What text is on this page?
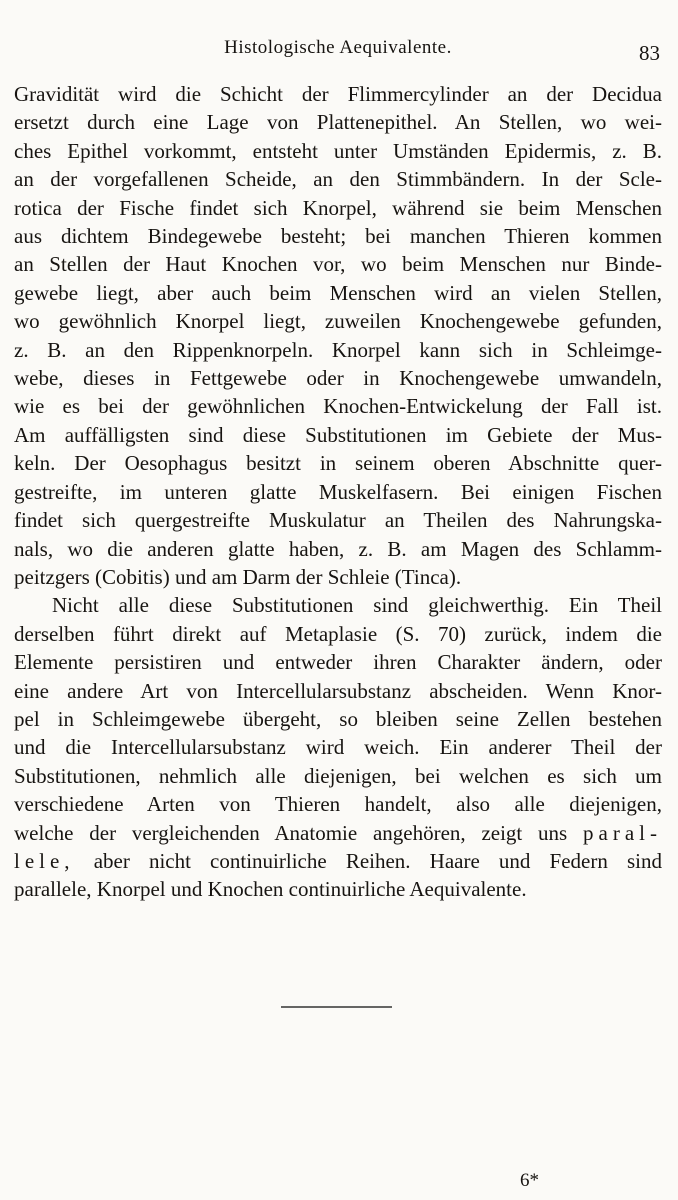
Histologische Aequivalente.	83
Gravidität wird die Schicht der Flimmercylinder an der Decidua
ersetzt durch eine Lage von Plattenepithel. An Stellen, wo wei-
ches Epithel vorkommt, entsteht unter Umständen Epidermis, z. B.
an der vorgefallenen Scheide, an den Stimmbändern. In der Scle-
rotica der Fische findet sich Knorpel, während sie beim Menschen
aus dichtem Bindegewebe besteht; bei manchen Thieren kommen
an Stellen der Haut Knochen vor, wo beim Menschen nur Binde-
gewebe liegt, aber auch beim Menschen wird an vielen Stellen,
wo gewöhnlich Knorpel liegt, zuweilen Knochengewebe gefunden,
z. B. an den Rippenknorpeln. Knorpel kann sich in Schleimge-
webe, dieses in Fettgewebe oder in Knochengewebe umwandeln,
wie es bei der gewöhnlichen Knochen-Entwickelung der Fall ist.
Am auffälligsten sind diese Substitutionen im Gebiete der Mus-
keln. Der Oesophagus besitzt in seinem oberen Abschnitte quer-
gestreifte, im unteren glatte Muskelfasern. Bei einigen Fischen
findet sich quergestreifte Muskulatur an Theilen des Nahrungska-
nals, wo die anderen glatte haben, z. B. am Magen des Schlamm-
peitzgers (Cobitis) und am Darm der Schleie (Tinca).
Nicht alle diese Substitutionen sind gleichwerthig. Ein Theil
derselben führt direkt auf Metaplasie (S. 70) zurück, indem die
Elemente persistiren und entweder ihren Charakter ändern, oder
eine andere Art von Intercellularsubstanz abscheiden. Wenn Knor-
pel in Schleimgewebe übergeht, so bleiben seine Zellen bestehen
und die Intercellularsubstanz wird weich. Ein anderer Theil der
Substitutionen, nehmlich alle diejenigen, bei welchen es sich um
verschiedene Arten von Thieren handelt, also alle diejenigen,
welche der vergleichenden Anatomie angehören, zeigt uns paral-
lele, aber nicht continuirliche Reihen. Haare und Federn sind
parallele, Knorpel und Knochen continuirliche Aequivalente.
6*
